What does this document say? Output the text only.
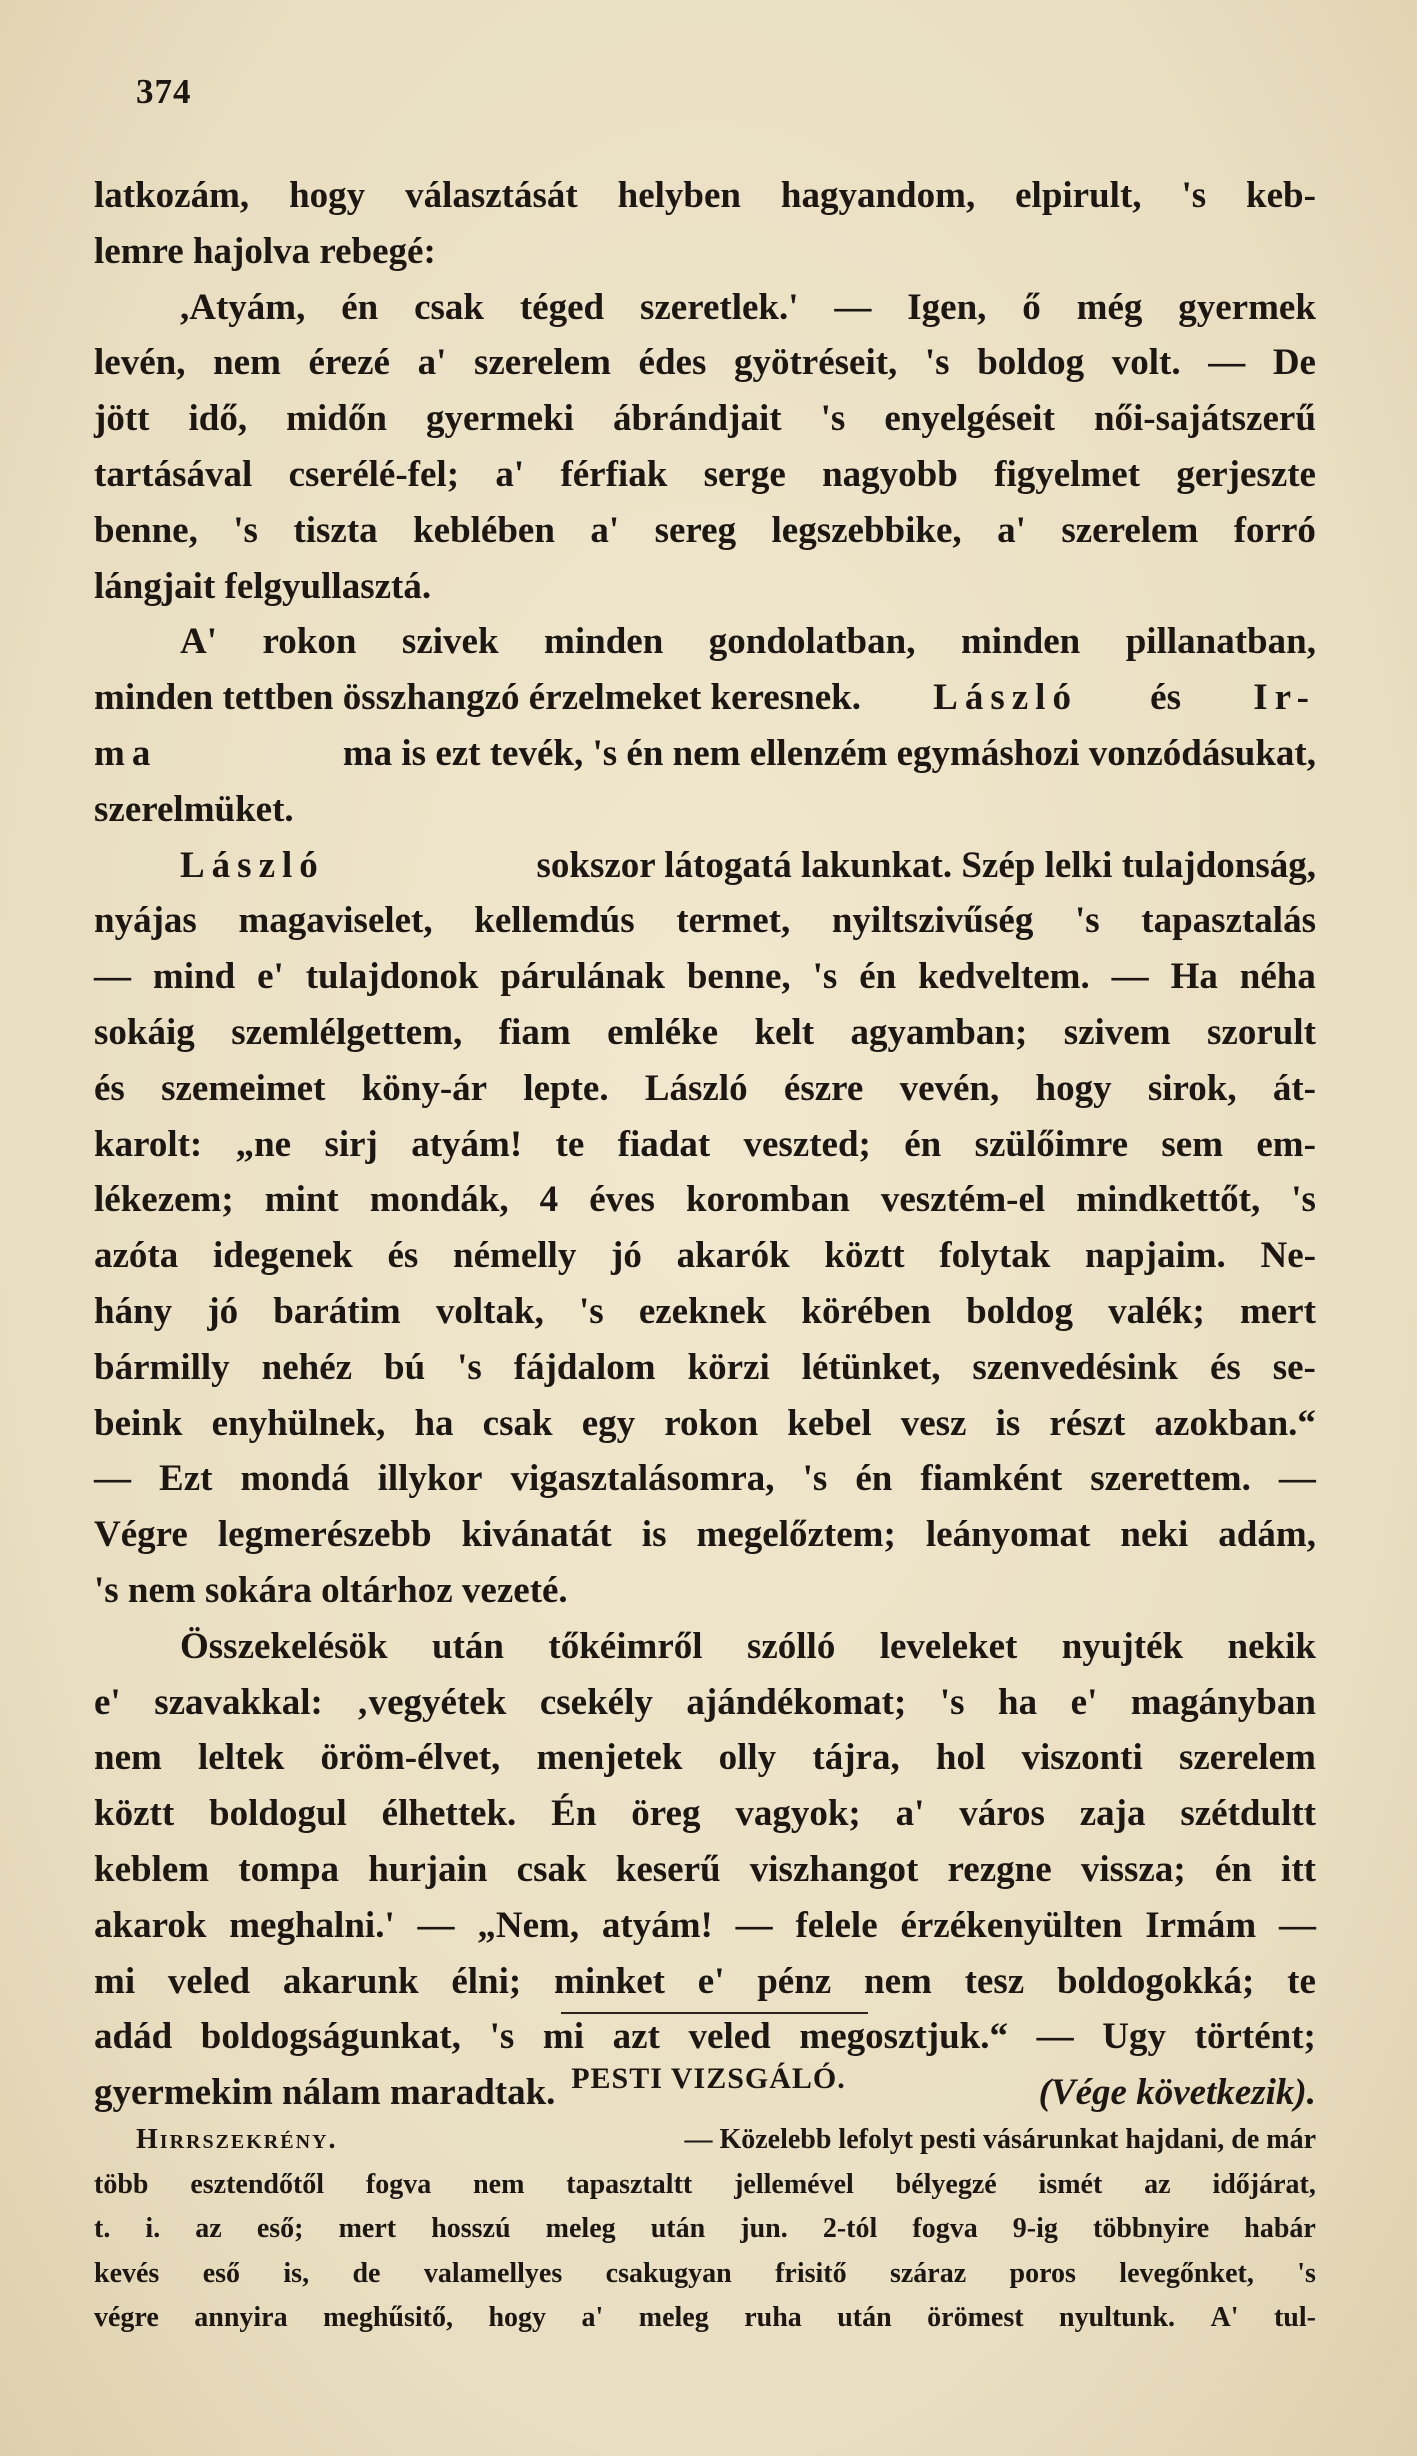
374
latkozám, hogy választását helyben hagyandom, elpirult, 's keb-
lemre hajolva rebegé:
,Atyám, én csak téged szeretlek.' — Igen, ő még gyermek
levén, nem érezé a' szerelem édes gyötréseit, 's boldog volt. — De
jött idő, midőn gyermeki ábrándjait 's enyelgéseit női-sajátszerű
tartásával cserélé-fel; a' férfiak serge nagyobb figyelmet gerjeszte
benne, 's tiszta keblében a' sereg legszebbike, a' szerelem forró
lángjait felgyullasztá.
A' rokon szivek minden gondolatban, minden pillanatban,
minden tettben összhangzó érzelmeket keresnek. László és Ir-
ma	ma is ezt tevék, 's én nem ellenzém egymáshozi vonzódásukat,
szerelmüket.
László	sokszor látogatá lakunkat. Szép lelki tulajdonság,
nyájas magaviselet, kellemdús termet, nyiltszivűség 's tapasztalás
— mind e' tulajdonok párulának benne, 's én kedveltem. — Ha néha
sokáig szemlélgettem, fiam emléke kelt agyamban; szivem szorult
és szemeimet köny-ár lepte. László észre vevén, hogy sirok, át-
karolt: „ne sirj atyám! te fiadat veszted; én szülőimre sem em-
lékezem; mint mondák, 4 éves koromban vesztém-el mindkettőt, 's
azóta idegenek és némelly jó akarók köztt folytak napjaim. Ne-
hány jó barátim voltak, 's ezeknek körében boldog valék; mert
bármilly nehéz bú 's fájdalom körzi létünket, szenvedésink és se-
beink enyhülnek, ha csak egy rokon kebel vesz is részt azokban.“
— Ezt mondá illykor vigasztalásomra, 's én fiamként szerettem. —
Végre legmerészebb kivánatát is megelőztem; leányomat neki adám,
's nem sokára oltárhoz vezeté.
Összekelésök után tőkéimről szólló leveleket nyujték nekik
e' szavakkal: ‚vegyétek csekély ajándékomat; 's ha e' magányban
nem leltek öröm-élvet, menjetek olly tájra, hol viszonti szerelem
köztt boldogul élhettek. Én öreg vagyok; a' város zaja szétdultt
keblem tompa hurjain csak keserű viszhangot rezgne vissza; én itt
akarok meghalni.' — „Nem, atyám! — felele érzékenyülten Irmám —
mi veled akarunk élni; minket e' pénz nem tesz boldogokká; te
adád boldogságunkat, 's mi azt veled megosztjuk.“ — Ugy történt;
gyermekim nálam maradtak.	(Vége következik).
PESTI VIZSGÁLÓ.
Hirrszekrény.	— Közelebb lefolyt pesti vásárunkat hajdani, de már
több esztendőtől fogva nem tapasztaltt jellemével bélyegzé ismét az időjárat,
t. i. az eső; mert hosszú meleg után jun. 2-tól fogva 9-ig többnyire habár
kevés eső is, de valamellyes csakugyan frisitő száraz poros levegőnket, 's
végre annyira meghűsitő, hogy a' meleg ruha után örömest nyultunk. A' tul-
